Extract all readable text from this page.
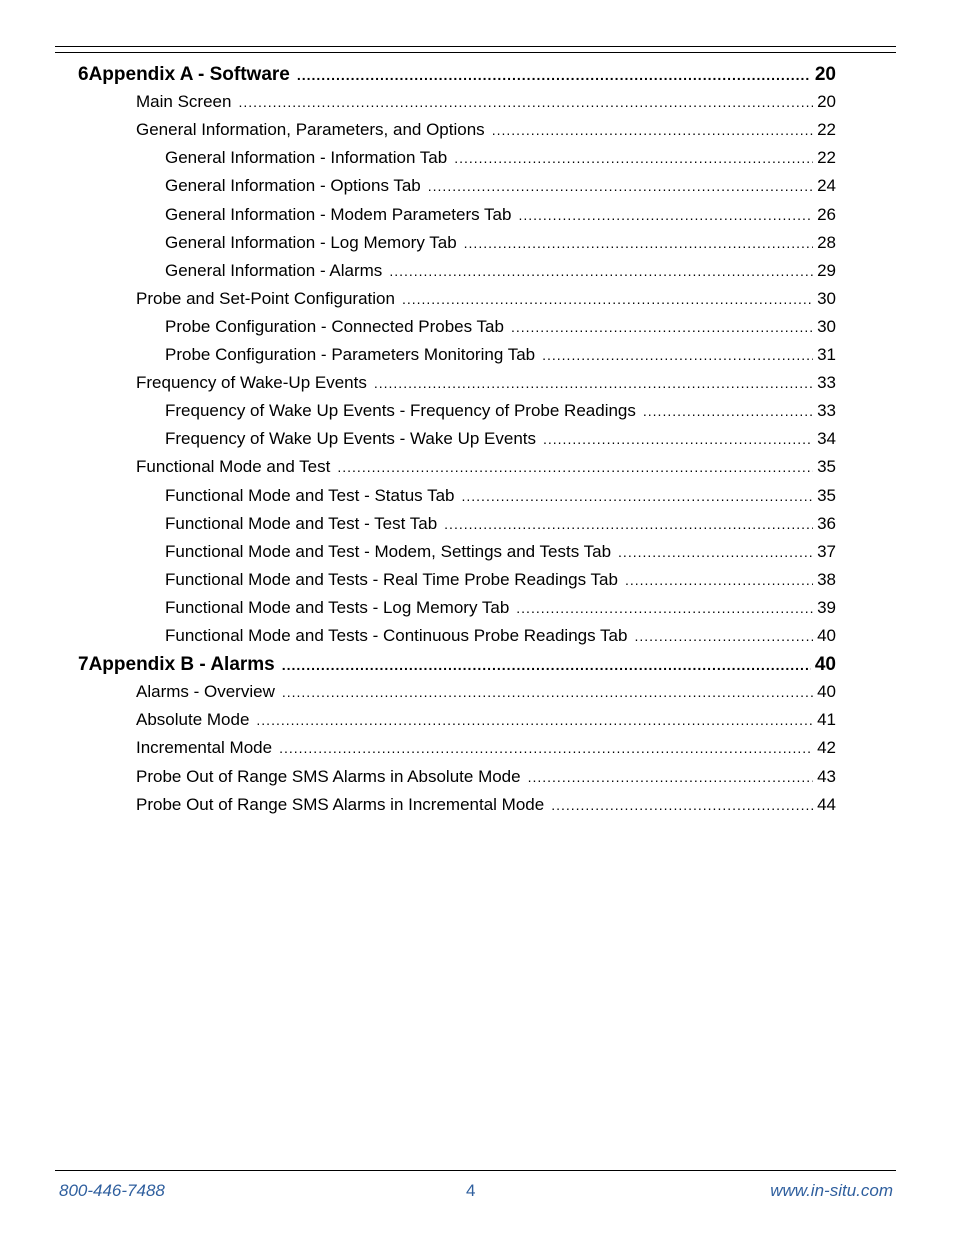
6 Appendix A - Software .....	20
Main Screen .....	20
General Information, Parameters, and Options .....	22
General Information - Information Tab .....	22
General Information - Options Tab .....	24
General Information - Modem Parameters Tab .....	26
General Information - Log Memory Tab .....	28
General Information - Alarms .....	29
Probe and Set-Point Configuration .....	30
Probe Configuration - Connected Probes Tab .....	30
Probe Configuration - Parameters Monitoring Tab .....	31
Frequency of Wake-Up Events .....	33
Frequency of Wake Up Events - Frequency of Probe Readings .....	33
Frequency of Wake Up Events - Wake Up Events .....	34
Functional Mode and Test .....	35
Functional Mode and Test - Status Tab .....	35
Functional Mode and Test - Test Tab .....	36
Functional Mode and Test - Modem, Settings and Tests Tab .....	37
Functional Mode and Tests - Real Time Probe Readings Tab .....	38
Functional Mode and Tests - Log Memory Tab .....	39
Functional Mode and Tests - Continuous Probe Readings Tab .....	40
7 Appendix B - Alarms .....	40
Alarms - Overview .....	40
Absolute Mode .....	41
Incremental Mode .....	42
Probe Out of Range SMS Alarms in Absolute Mode .....	43
Probe Out of Range SMS Alarms in Incremental Mode .....	44
800-446-7488	4	www.in-situ.com
